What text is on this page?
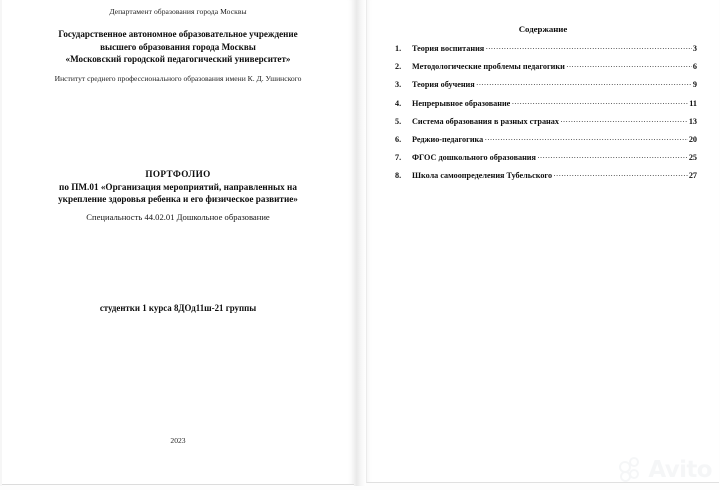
Департамент образования города Москвы
Государственное автономное образовательное учреждение
высшего образования города Москвы
«Московский городской педагогический университет»
Институт среднего профессионального образования имени К. Д. Ушинского
ПОРТФОЛИО
по ПМ.01 «Организация мероприятий, направленных на
укрепление здоровья ребенка и его физическое развитие»
Специальность 44.02.01 Дошкольное образование
студентки 1 курса 8ДОд11ш-21 группы
2023
Содержание
1.	Теория воспитания .....	3
2.	Методологические проблемы педагогики .....	6
3.	Теория обучения .....	9
4.	Непрерывное образование .....	11
5.	Система образования в разных странах .....	13
6.	Реджио-педагогика .....	20
7.	ФГОС дошкольного образования .....	25
8.	Школа самоопределения Тубельского .....	27
Avito
